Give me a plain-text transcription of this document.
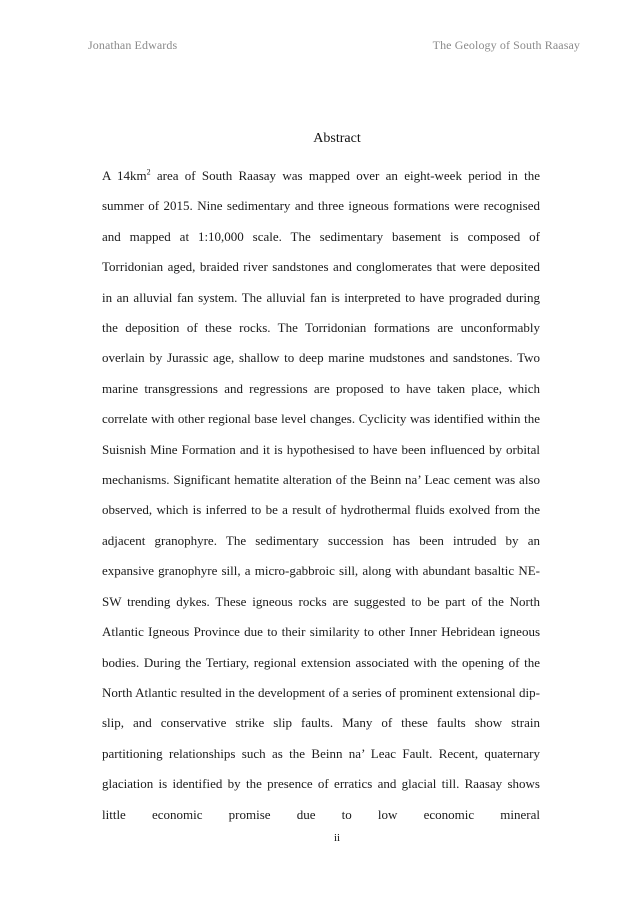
Jonathan Edwards	The Geology of South Raasay
Abstract
A $14km^2$ area of South Raasay was mapped over an eight-week period in the summer of 2015. Nine sedimentary and three igneous formations were recognised and mapped at 1:10,000 scale. The sedimentary basement is composed of Torridonian aged, braided river sandstones and conglomerates that were deposited in an alluvial fan system. The alluvial fan is interpreted to have prograded during the deposition of these rocks. The Torridonian formations are unconformably overlain by Jurassic age, shallow to deep marine mudstones and sandstones. Two marine transgressions and regressions are proposed to have taken place, which correlate with other regional base level changes. Cyclicity was identified within the Suisnish Mine Formation and it is hypothesised to have been influenced by orbital mechanisms. Significant hematite alteration of the Beinn na’ Leac cement was also observed, which is inferred to be a result of hydrothermal fluids exolved from the adjacent granophyre. The sedimentary succession has been intruded by an expansive granophyre sill, a micro-gabbroic sill, along with abundant basaltic NE-SW trending dykes. These igneous rocks are suggested to be part of the North Atlantic Igneous Province due to their similarity to other Inner Hebridean igneous bodies. During the Tertiary, regional extension associated with the opening of the North Atlantic resulted in the development of a series of prominent extensional dip-slip, and conservative strike slip faults. Many of these faults show strain partitioning relationships such as the Beinn na’ Leac Fault. Recent, quaternary glaciation is identified by the presence of erratics and glacial till. Raasay shows little economic promise due to low economic mineral
ii
